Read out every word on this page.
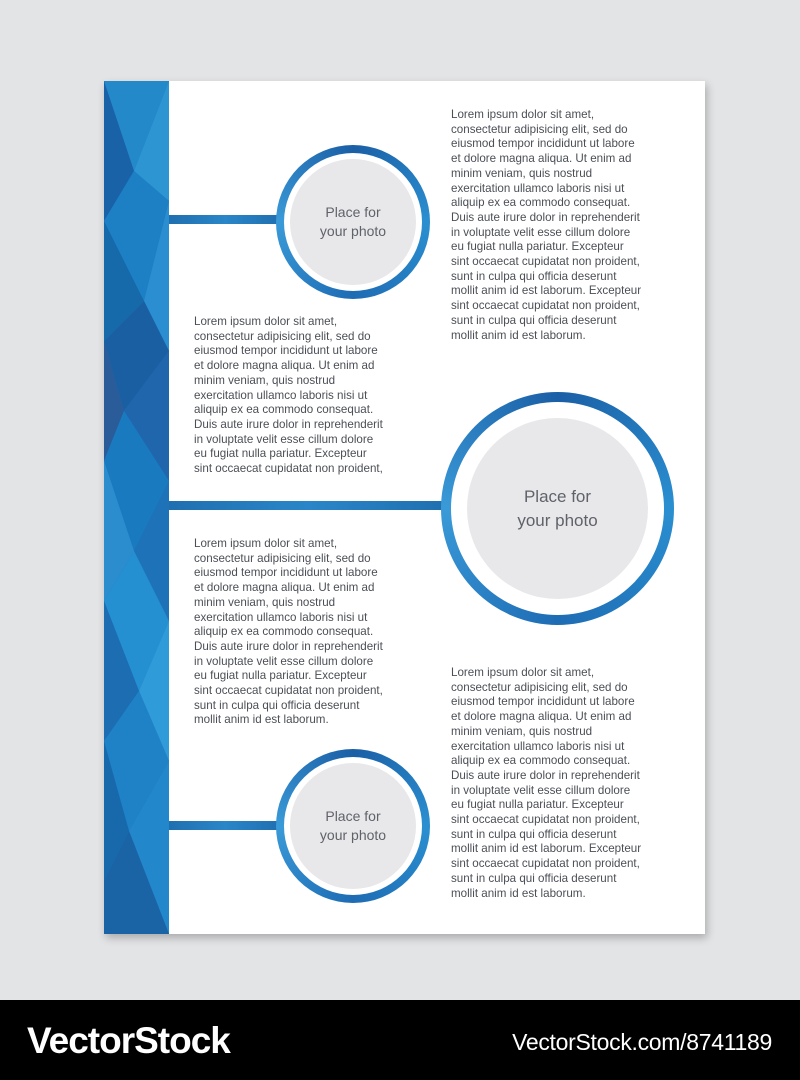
Place for
your photo
Place for
your photo
Place for
your photo
Lorem ipsum dolor sit amet,
consectetur adipisicing elit, sed do
eiusmod tempor incididunt ut labore
et dolore magna aliqua. Ut enim ad
minim veniam, quis nostrud
exercitation ullamco laboris nisi ut
aliquip ex ea commodo consequat.
Duis aute irure dolor in reprehenderit
in voluptate velit esse cillum dolore
eu fugiat nulla pariatur. Excepteur
sint occaecat cupidatat non proident,
sunt in culpa qui officia deserunt
mollit anim id est laborum. Excepteur
sint occaecat cupidatat non proident,
sunt in culpa qui officia deserunt
mollit anim id est laborum.
Lorem ipsum dolor sit amet,
consectetur adipisicing elit, sed do
eiusmod tempor incididunt ut labore
et dolore magna aliqua. Ut enim ad
minim veniam, quis nostrud
exercitation ullamco laboris nisi ut
aliquip ex ea commodo consequat.
Duis aute irure dolor in reprehenderit
in voluptate velit esse cillum dolore
eu fugiat nulla pariatur. Excepteur
sint occaecat cupidatat non proident,
Lorem ipsum dolor sit amet,
consectetur adipisicing elit, sed do
eiusmod tempor incididunt ut labore
et dolore magna aliqua. Ut enim ad
minim veniam, quis nostrud
exercitation ullamco laboris nisi ut
aliquip ex ea commodo consequat.
Duis aute irure dolor in reprehenderit
in voluptate velit esse cillum dolore
eu fugiat nulla pariatur. Excepteur
sint occaecat cupidatat non proident,
sunt in culpa qui officia deserunt
mollit anim id est laborum.
Lorem ipsum dolor sit amet,
consectetur adipisicing elit, sed do
eiusmod tempor incididunt ut labore
et dolore magna aliqua. Ut enim ad
minim veniam, quis nostrud
exercitation ullamco laboris nisi ut
aliquip ex ea commodo consequat.
Duis aute irure dolor in reprehenderit
in voluptate velit esse cillum dolore
eu fugiat nulla pariatur. Excepteur
sint occaecat cupidatat non proident,
sunt in culpa qui officia deserunt
mollit anim id est laborum. Excepteur
sint occaecat cupidatat non proident,
sunt in culpa qui officia deserunt
mollit anim id est laborum.
VectorStock	VectorStock.com/8741189
